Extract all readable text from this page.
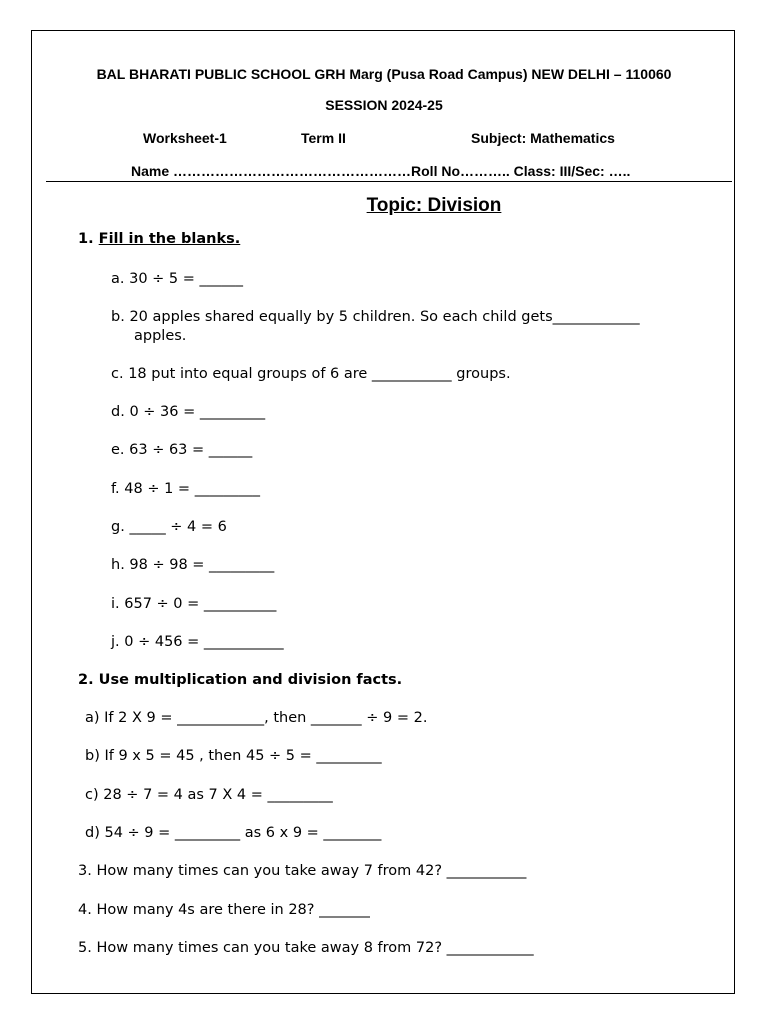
BAL BHARATI PUBLIC SCHOOL GRH Marg (Pusa Road Campus) NEW DELHI – 110060
SESSION 2024-25
Worksheet-1	Term II	Subject: Mathematics
Name ……………………………………………Roll No……….. Class: III/Sec: …..
Topic: Division
1. Fill in the blanks.
a. 30 ÷ 5 = ______
b. 20 apples shared equally by 5 children. So each child gets____________
apples.
c. 18 put into equal groups of 6 are ___________ groups.
d. 0 ÷ 36 = _________
e. 63 ÷ 63 = ______
f. 48 ÷ 1 = _________
g. _____ ÷ 4 = 6
h. 98 ÷ 98 = _________
i. 657 ÷ 0 = __________
j. 0 ÷ 456 = ___________
2. Use multiplication and division facts.
a) If 2 X 9 = ____________, then _______ ÷ 9 = 2.
b) If 9 x 5 = 45 , then 45 ÷ 5 = _________
c) 28 ÷ 7 = 4 as 7 X 4 = _________
d) 54 ÷ 9 = _________ as 6 x 9 = ________
3. How many times can you take away 7 from 42? ___________
4. How many 4s are there in 28? _______
5. How many times can you take away 8 from 72? ____________
